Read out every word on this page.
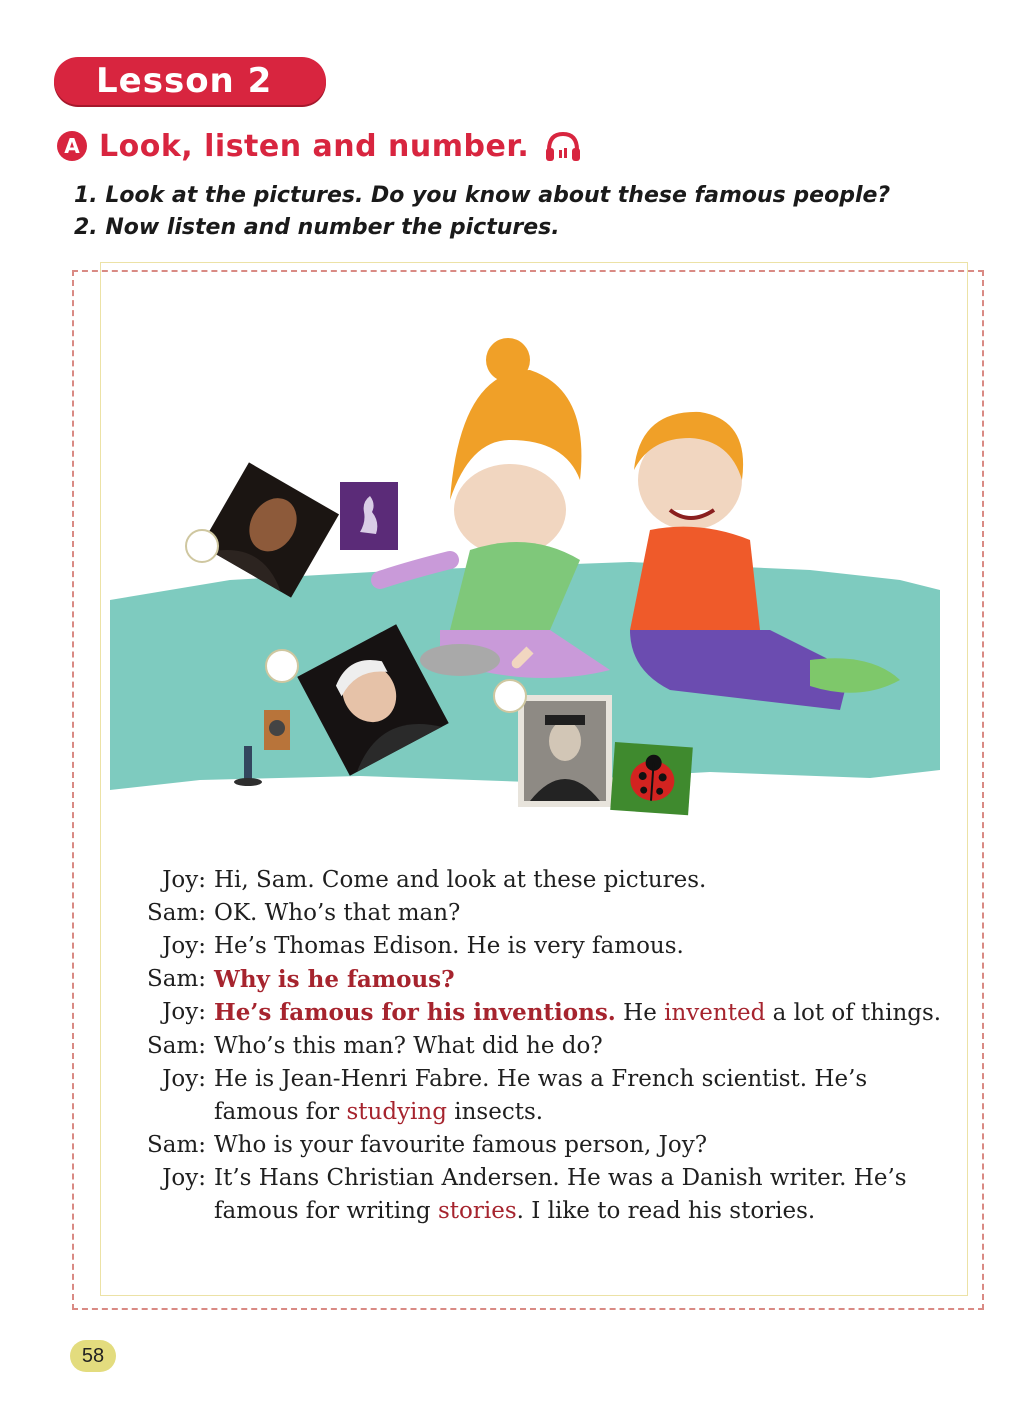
Lesson 2
A Look, listen and number.
1. Look at the pictures. Do you know about these famous people?
2. Now listen and number the pictures.
Joy: Hi, Sam. Come and look at these pictures.
Sam: OK. Who’s that man?
Joy: He’s Thomas Edison. He is very famous.
Sam: Why is he famous?
Joy: He’s famous for his inventions. He invented a lot of things.
Sam: Who’s this man? What did he do?
Joy: He is Jean-Henri Fabre. He was a French scientist. He’s
famous for studying insects.
Sam: Who is your favourite famous person, Joy?
Joy: It’s Hans Christian Andersen. He was a Danish writer. He’s
famous for writing stories. I like to read his stories.
58
